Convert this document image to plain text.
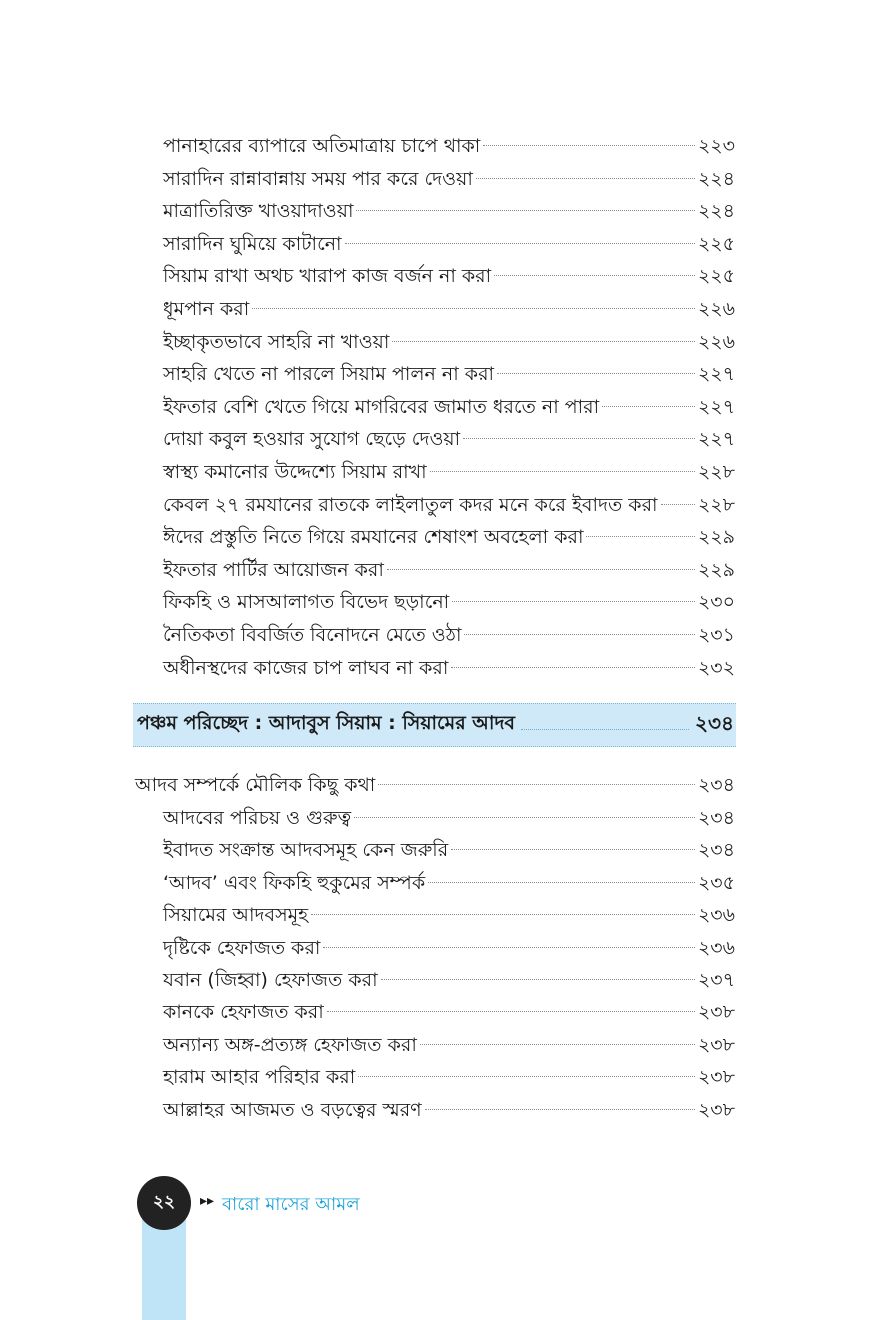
পানাহারের ব্যাপারে অতিমাত্রায় চাপে থাকা	২২৩
সারাদিন রান্নাবান্নায় সময় পার করে দেওয়া	২২৪
মাত্রাতিরিক্ত খাওয়াদাওয়া	২২৪
সারাদিন ঘুমিয়ে কাটানো	২২৫
সিয়াম রাখা অথচ খারাপ কাজ বর্জন না করা	২২৫
ধূমপান করা	২২৬
ইচ্ছাকৃতভাবে সাহরি না খাওয়া	২২৬
সাহরি খেতে না পারলে সিয়াম পালন না করা	২২৭
ইফতার বেশি খেতে গিয়ে মাগরিবের জামাত ধরতে না পারা	২২৭
দোয়া কবুল হওয়ার সুযোগ ছেড়ে দেওয়া	২২৭
স্বাস্থ্য কমানোর উদ্দেশ্যে সিয়াম রাখা	২২৮
কেবল ২৭ রমযানের রাতকে লাইলাতুল কদর মনে করে ইবাদত করা ২২৮
ঈদের প্রস্তুতি নিতে গিয়ে রমযানের শেষাংশ অবহেলা করা	২২৯
ইফতার পার্টির আয়োজন করা	২২৯
ফিকহি ও মাসআলাগত বিভেদ ছড়ানো	২৩০
নৈতিকতা বিবর্জিত বিনোদনে মেতে ওঠা	২৩১
অধীনস্থদের কাজের চাপ লাঘব না করা	২৩২
পঞ্চম পরিচ্ছেদ : আদাবুস সিয়াম : সিয়ামের আদব	২৩৪
আদব সম্পর্কে মৌলিক কিছু কথা	২৩৪
আদবের পরিচয় ও গুরুত্ব	২৩৪
ইবাদত সংক্রান্ত আদবসমূহ কেন জরুরি	২৩৪
‘আদব’ এবং ফিকহি হুকুমের সম্পর্ক	২৩৫
সিয়ামের আদবসমূহ	২৩৬
দৃষ্টিকে হেফাজত করা	২৩৬
যবান (জিহ্বা) হেফাজত করা	২৩৭
কানকে হেফাজত করা	২৩৮
অন্যান্য অঙ্গ-প্রত্যঙ্গ হেফাজত করা	২৩৮
হারাম আহার পরিহার করা	২৩৮
আল্লাহর আজমত ও বড়ত্বের স্মরণ	২৩৮
২২ ▸▸ বারো মাসের আমল
